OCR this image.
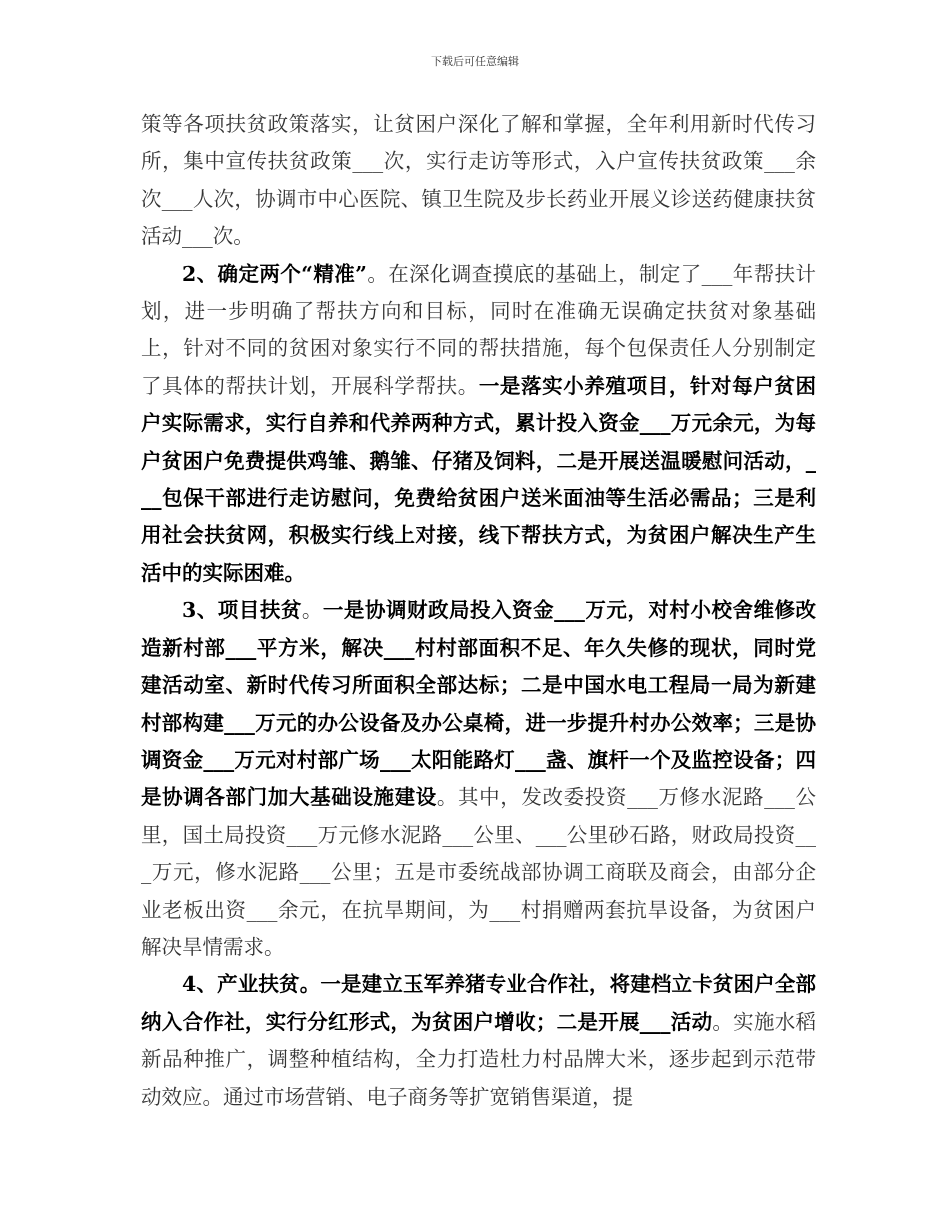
下载后可任意编辑

策等各项扶贫政策落实，让贫困户深化了解和掌握，全年利用新时代传习所，集中宣传扶贫政策___次，实行走访等形式，入户宣传扶贫政策___余次___人次，协调市中心医院、镇卫生院及步长药业开展义诊送药健康扶贫活动___次。

2、确定两个“精准”。在深化调查摸底的基础上，制定了___年帮扶计划，进一步明确了帮扶方向和目标，同时在准确无误确定扶贫对象基础上，针对不同的贫困对象实行不同的帮扶措施，每个包保责任人分别制定了具体的帮扶计划，开展科学帮扶。一是落实小养殖项目，针对每户贫困户实际需求，实行自养和代养两种方式，累计投入资金___万元余元，为每户贫困户免费提供鸡雏、鹅雏、仔猪及饲料，二是开展送温暖慰问活动，___包保干部进行走访慰问，免费给贫困户送米面油等生活必需品；三是利用社会扶贫网，积极实行线上对接，线下帮扶方式，为贫困户解决生产生活中的实际困难。

3、项目扶贫。一是协调财政局投入资金___万元，对村小校舍维修改造新村部___平方米，解决___村村部面积不足、年久失修的现状，同时党建活动室、新时代传习所面积全部达标；二是中国水电工程局一局为新建村部构建___万元的办公设备及办公桌椅，进一步提升村办公效率；三是协调资金___万元对村部广场___太阳能路灯___盏、旗杆一个及监控设备；四是协调各部门加大基础设施建设。其中，发改委投资___万修水泥路___公里，国土局投资___万元修水泥路___公里、___公里砂石路，财政局投资___万元，修水泥路___公里；五是市委统战部协调工商联及商会，由部分企业老板出资___余元，在抗旱期间，为___村捐赠两套抗旱设备，为贫困户解决旱情需求。

4、产业扶贫。一是建立玉军养猪专业合作社，将建档立卡贫困户全部纳入合作社，实行分红形式，为贫困户增收；二是开展___活动。实施水稻新品种推广，调整种植结构，全力打造杜力村品牌大米，逐步起到示范带动效应。通过市场营销、电子商务等扩宽销售渠道，提
